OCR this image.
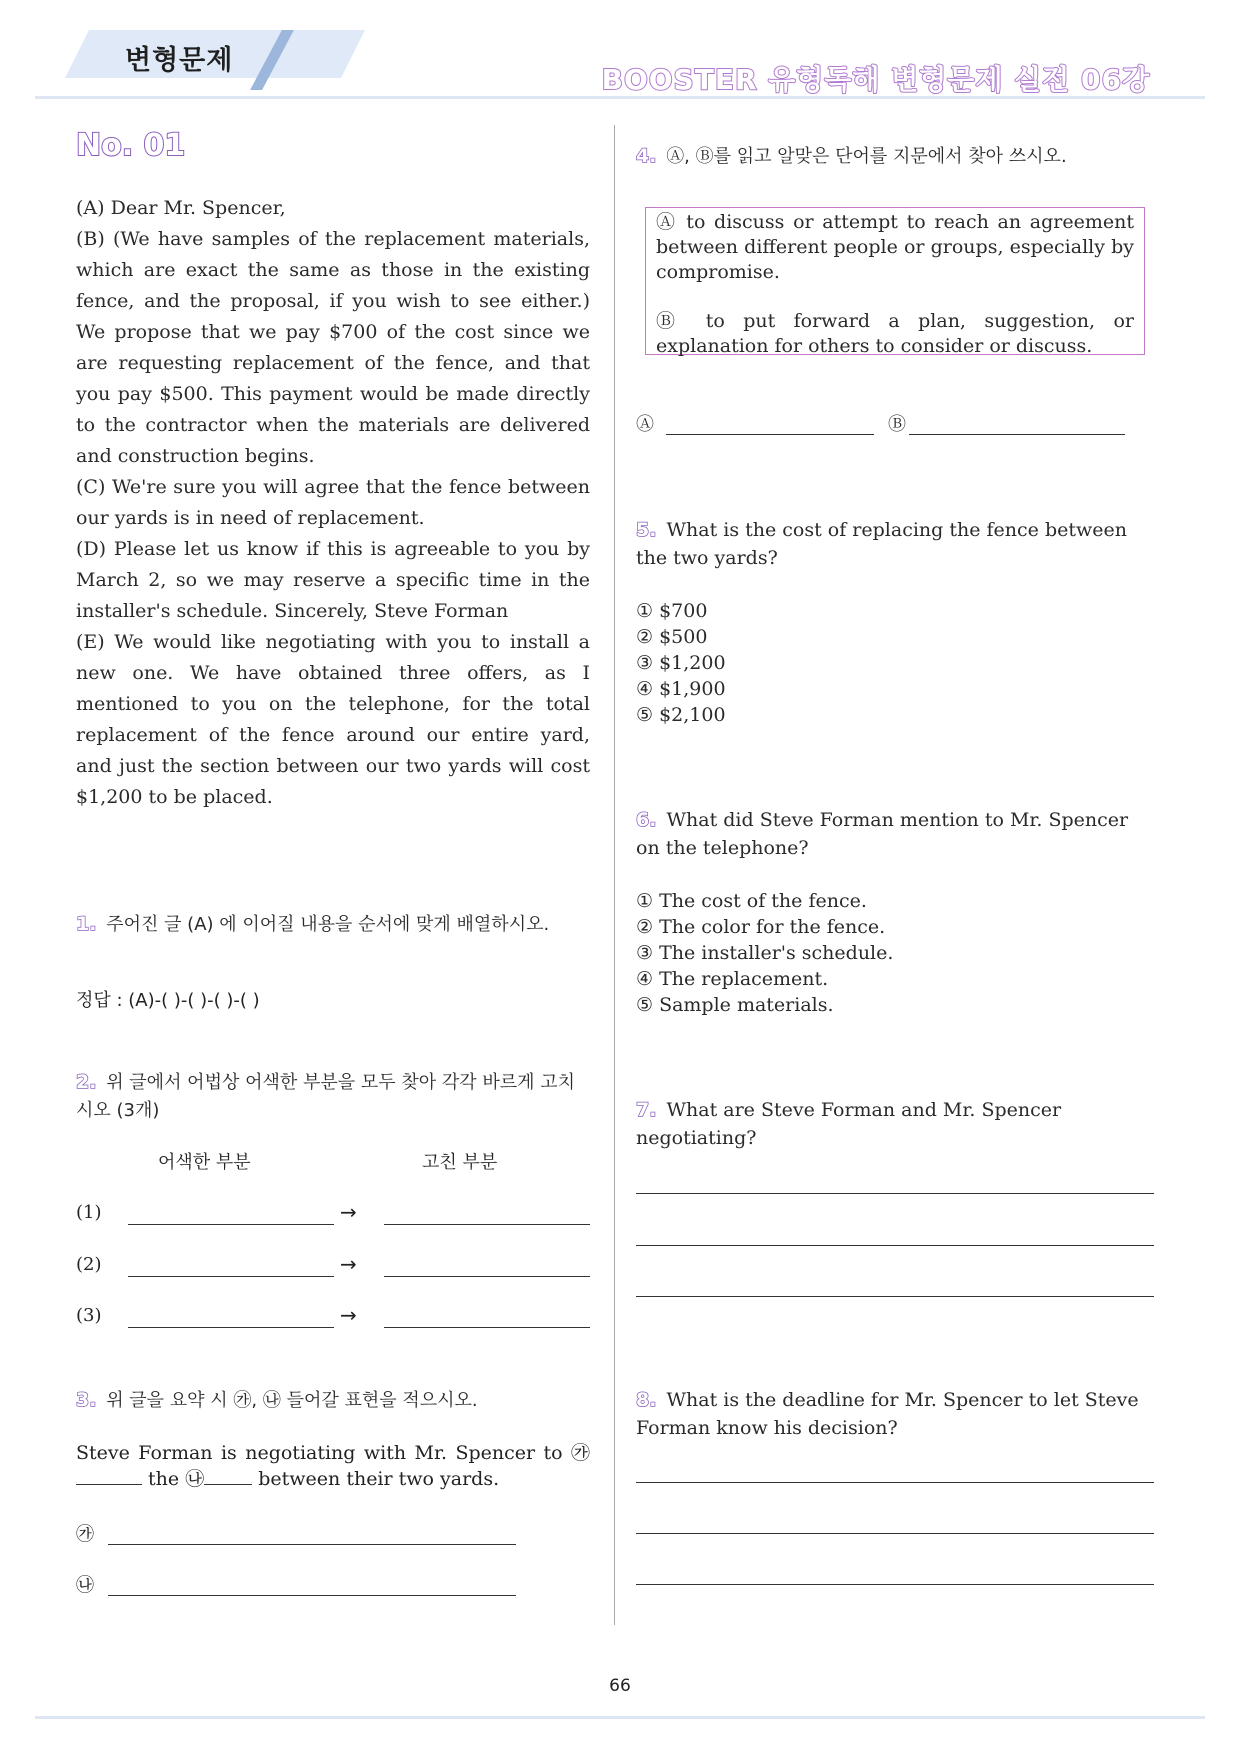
변형문제
BOOSTER 유형독해 변형문제 실전 06강
No. 01

(A) Dear Mr. Spencer,

(B) (We have samples of the replacement materials, which are exact the same as those in the existing fence, and the proposal, if you wish to see either.) We propose that we pay $700 of the cost since we are requesting replacement of the fence, and that you pay $500. This payment would be made directly to the contractor when the materials are delivered and construction begins.

(C) We're sure you will agree that the fence between our yards is in need of replacement.

(D) Please let us know if this is agreeable to you by March 2, so we may reserve a specific time in the installer's schedule. Sincerely, Steve Forman

(E) We would like negotiating with you to install a new one. We have obtained three offers, as I mentioned to you on the telephone, for the total replacement of the fence around our entire yard, and just the section between our two yards will cost $1,200 to be placed.

1. 주어진 글 (A) 에 이어질 내용을 순서에 맞게 배열하시오.
정답 : (A)-( )-( )-( )-( )
2. 위 글에서 어법상 어색한 부분을 모두 찾아 각각 바르게 고치시오 (3개)
어색한 부분	고친 부분
(1)	→
(2)	→
(3)	→
3. 위 글을 요약 시 ㉮, ㉯ 들어갈 표현을 적으시오.
Steve Forman is negotiating with Mr. Spencer to ㉮  the ㉯	between their two yards.
㉮
㉯
4. Ⓐ, Ⓑ를 읽고 알맞은 단어를 지문에서 찾아 쓰시오.

Ⓐ to discuss or attempt to reach an agreement between different people or groups, especially by compromise.

Ⓑ to put forward a plan, suggestion, or explanation for others to consider or discuss.

Ⓐ	Ⓑ
5. What is the cost of replacing the fence between the two yards?
① $700
② $500
③ $1,200
④ $1,900
⑤ $2,100
6. What did Steve Forman mention to Mr. Spencer on the telephone?
① The cost of the fence.
② The color for the fence.
③ The installer's schedule.
④ The replacement.
⑤ Sample materials.
7. What are Steve Forman and Mr. Spencer negotiating?
8. What is the deadline for Mr. Spencer to let Steve Forman know his decision?
66
